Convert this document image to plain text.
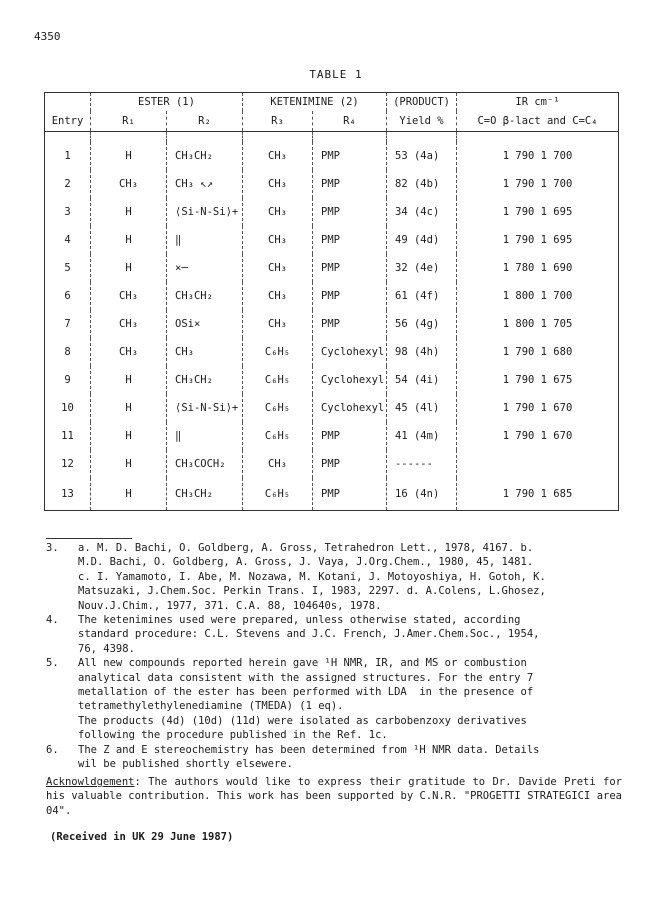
4350
TABLE 1
	ESTER (1)		KETENIMINE (2)		(PRODUCT)	IR cm⁻¹
Entry	R₁	R₂	R₃	R₄	Yield %	C=O β-lact and C=C₄

1	H	CH₃CH₂	CH₃	PMP	53 (4a)	1 790 1 700
2	CH₃	CH₃ ↖↗	CH₃	PMP	82 (4b)	1 790 1 700
3	H	⟨Si-N-Si⟩+	CH₃	PMP	34 (4c)	1 790 1 695
4	H	‖	CH₃	PMP	49 (4d)	1 790 1 695
5	H	⨯─	CH₃	PMP	32 (4e)	1 780 1 690
6	CH₃	CH₃CH₂	CH₃	PMP	61 (4f)	1 800 1 700
7	CH₃	OSi⨯	CH₃	PMP	56 (4g)	1 800 1 705
8	CH₃	CH₃	C₆H₅	Cyclohexyl	98 (4h)	1 790 1 680
9	H	CH₃CH₂	C₆H₅	Cyclohexyl	54 (4i)	1 790 1 675
10	H	⟨Si-N-Si⟩+	C₆H₅	Cyclohexyl	45 (4l)	1 790 1 670
11	H	‖	C₆H₅	PMP	41 (4m)	1 790 1 670
12	H	CH₃COCH₂	CH₃	PMP	------	
13	H	CH₃CH₂	C₆H₅	PMP	16 (4n)	1 790 1 685
3.	a. M. D. Bachi, O. Goldberg, A. Gross, Tetrahedron Lett., 1978, 4167. b.
M.D. Bachi, O. Goldberg, A. Gross, J. Vaya, J.Org.Chem., 1980, 45, 1481.
c. I. Yamamoto, I. Abe, M. Nozawa, M. Kotani, J. Motoyoshiya, H. Gotoh, K.
Matsuzaki, J.Chem.Soc. Perkin Trans. I, 1983, 2297. d. A.Colens, L.Ghosez,
Nouv.J.Chim., 1977, 371. C.A. 88, 104640s, 1978.
4.	The ketenimines used were prepared, unless otherwise stated, according
standard procedure: C.L. Stevens and J.C. French, J.Amer.Chem.Soc., 1954,
76, 4398.
5.	All new compounds reported herein gave ¹H NMR, IR, and MS or combustion
analytical data consistent with the assigned structures. For the entry 7
metallation of the ester has been performed with LDA  in the presence of
tetramethylethylenediamine (TMEDA) (1 eq).
The products (4d) (10d) (11d) were isolated as carbobenzoxy derivatives
following the procedure published in the Ref. 1c.
6.	The Z and E stereochemistry has been determined from ¹H NMR data. Details
wil be published shortly elsewere.
Acknowldgement: The authors would like to express their gratitude to Dr. Davide Preti for his valuable contribution. This work has been supported by C.N.R. "PROGETTI STRATEGICI area 04".
(Received in UK 29 June 1987)
